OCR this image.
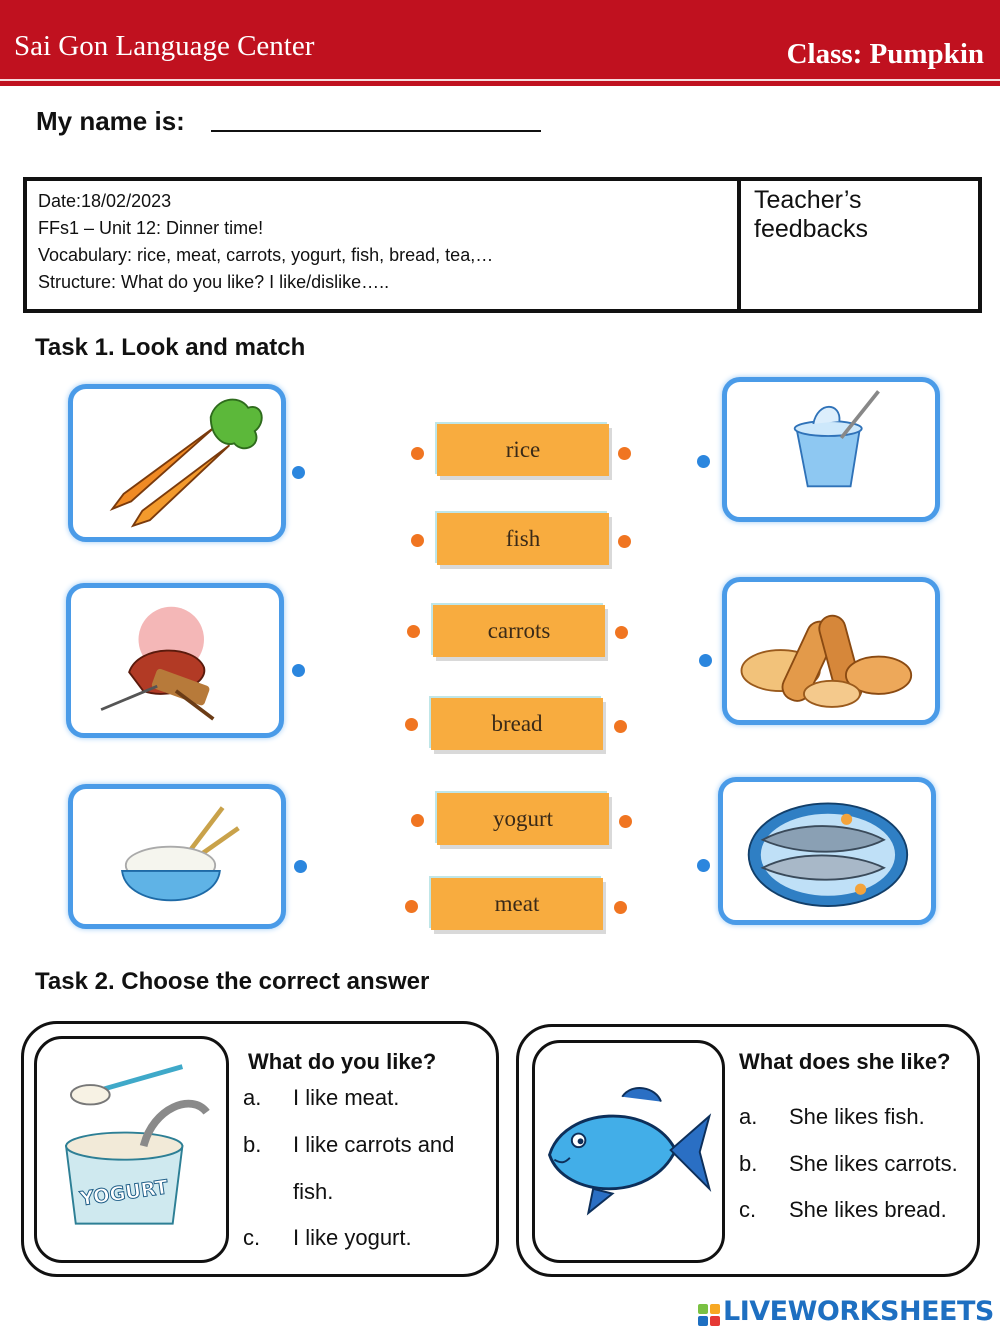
Sai Gon Language Center	Class: Pumpkin
My name is:
Date:18/02/2023
FFs1 – Unit 12: Dinner time!
Vocabulary: rice, meat, carrots, yogurt, fish, bread, tea,…
Structure: What do you like? I like/dislike…..
Teacher’s feedbacks
Task 1. Look and match
rice
fish
carrots
bread
yogurt
meat
Task 2. Choose the correct answer
YOGURT
What do you like?
a. I like meat.
b. I like carrots and fish.
c. I like yogurt.
What does she like?
a. She likes fish.
b. She likes carrots.
c. She likes bread.
LIVEWORKSHEETS
